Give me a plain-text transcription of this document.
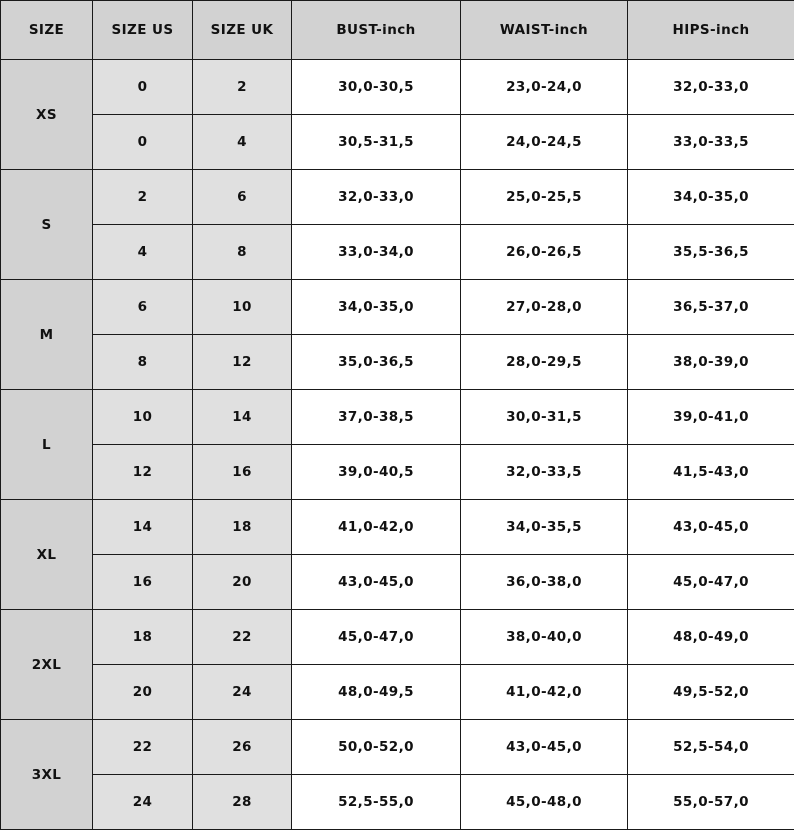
SIZE	SIZE US	SIZE UK	BUST-inch	WAIST-inch	HIPS-inch
XS	0	2	30,0-30,5	23,0-24,0	32,0-33,0
	0	4	30,5-31,5	24,0-24,5	33,0-33,5
S	2	6	32,0-33,0	25,0-25,5	34,0-35,0
	4	8	33,0-34,0	26,0-26,5	35,5-36,5
M	6	10	34,0-35,0	27,0-28,0	36,5-37,0
	8	12	35,0-36,5	28,0-29,5	38,0-39,0
L	10	14	37,0-38,5	30,0-31,5	39,0-41,0
	12	16	39,0-40,5	32,0-33,5	41,5-43,0
XL	14	18	41,0-42,0	34,0-35,5	43,0-45,0
	16	20	43,0-45,0	36,0-38,0	45,0-47,0
2XL	18	22	45,0-47,0	38,0-40,0	48,0-49,0
	20	24	48,0-49,5	41,0-42,0	49,5-52,0
3XL	22	26	50,0-52,0	43,0-45,0	52,5-54,0
	24	28	52,5-55,0	45,0-48,0	55,0-57,0
